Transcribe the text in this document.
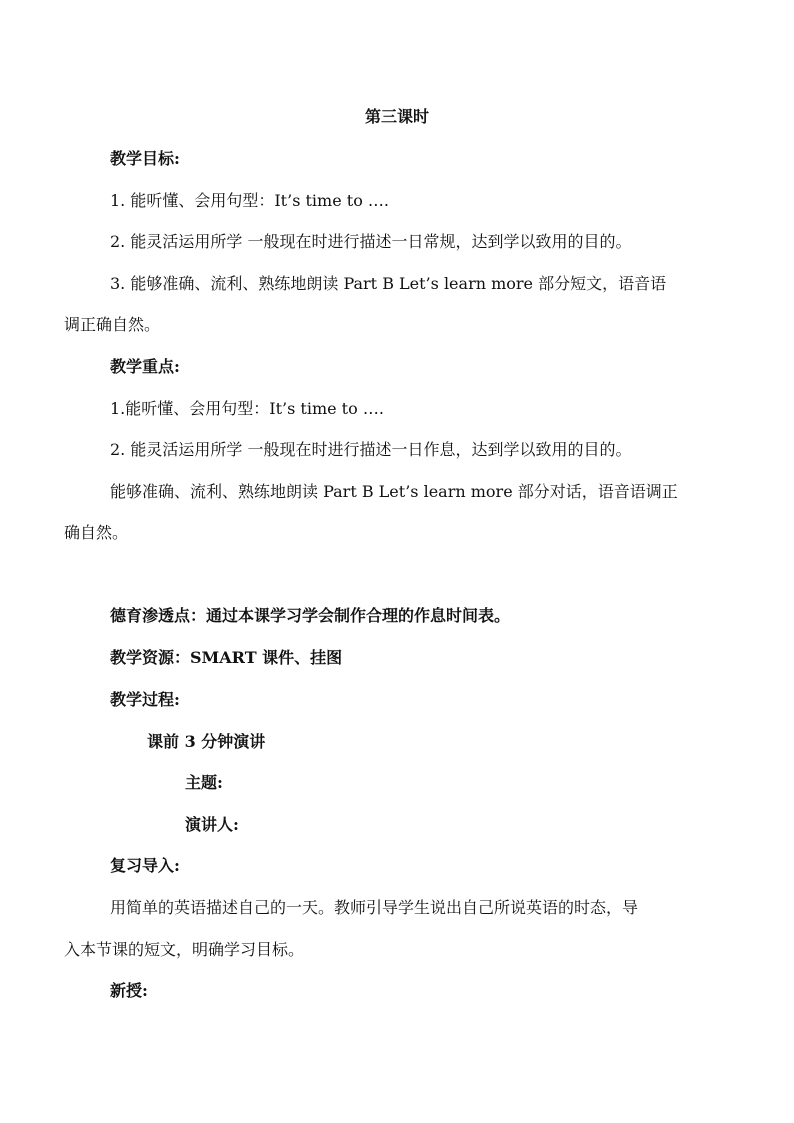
第三课时
教学目标:
1. 能听懂、会用句型：It’s time to ….
2. 能灵活运用所学 一般现在时进行描述一日常规，达到学以致用的目的。
3. 能够准确、流利、熟练地朗读 Part B Let’s learn more 部分短文，语音语
调正确自然。
教学重点:
1.能听懂、会用句型：It’s time to ….
2. 能灵活运用所学 一般现在时进行描述一日作息，达到学以致用的目的。
能够准确、流利、熟练地朗读 Part B Let’s learn more 部分对话，语音语调正
确自然。
德育渗透点：通过本课学习学会制作合理的作息时间表。
教学资源：SMART 课件、挂图
教学过程:
课前 3 分钟演讲
主题:
演讲人:
复习导入:
用简单的英语描述自己的一天。教师引导学生说出自己所说英语的时态，导
入本节课的短文，明确学习目标。
新授:
